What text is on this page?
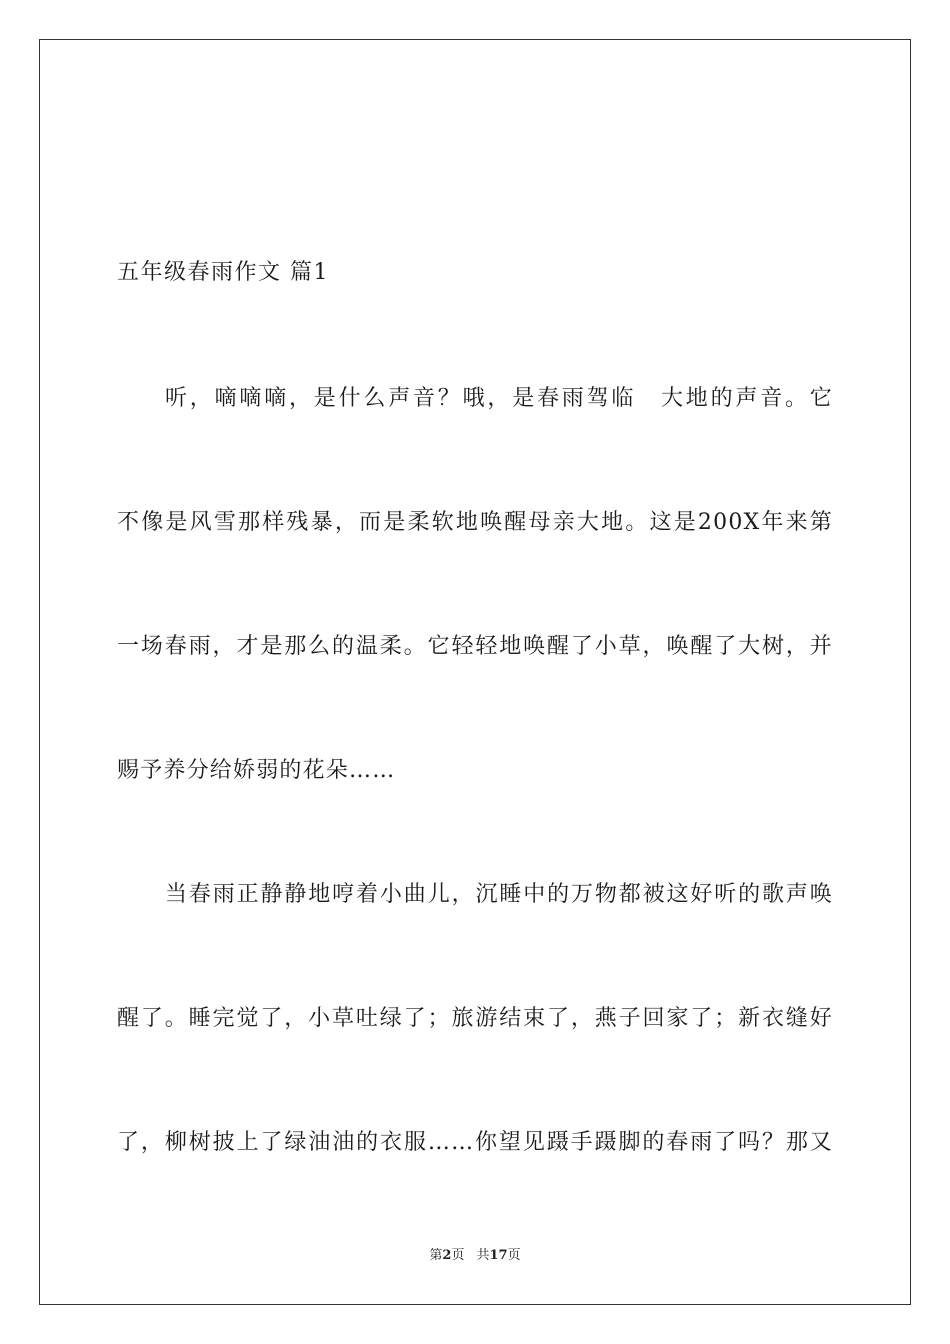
五年级春雨作文 篇1
听，嘀嘀嘀，是什么声音？哦，是春雨驾临　大地的声音。它
不像是风雪那样残暴，而是柔软地唤醒母亲大地。这是200X年来第
一场春雨，才是那么的温柔。它轻轻地唤醒了小草，唤醒了大树，并
赐予养分给娇弱的花朵……
当春雨正静静地哼着小曲儿，沉睡中的万物都被这好听的歌声唤
醒了。睡完觉了，小草吐绿了；旅游结束了，燕子回家了；新衣缝好
了，柳树披上了绿油油的衣服……你望见蹑手蹑脚的春雨了吗？那又
第2页 共17页
